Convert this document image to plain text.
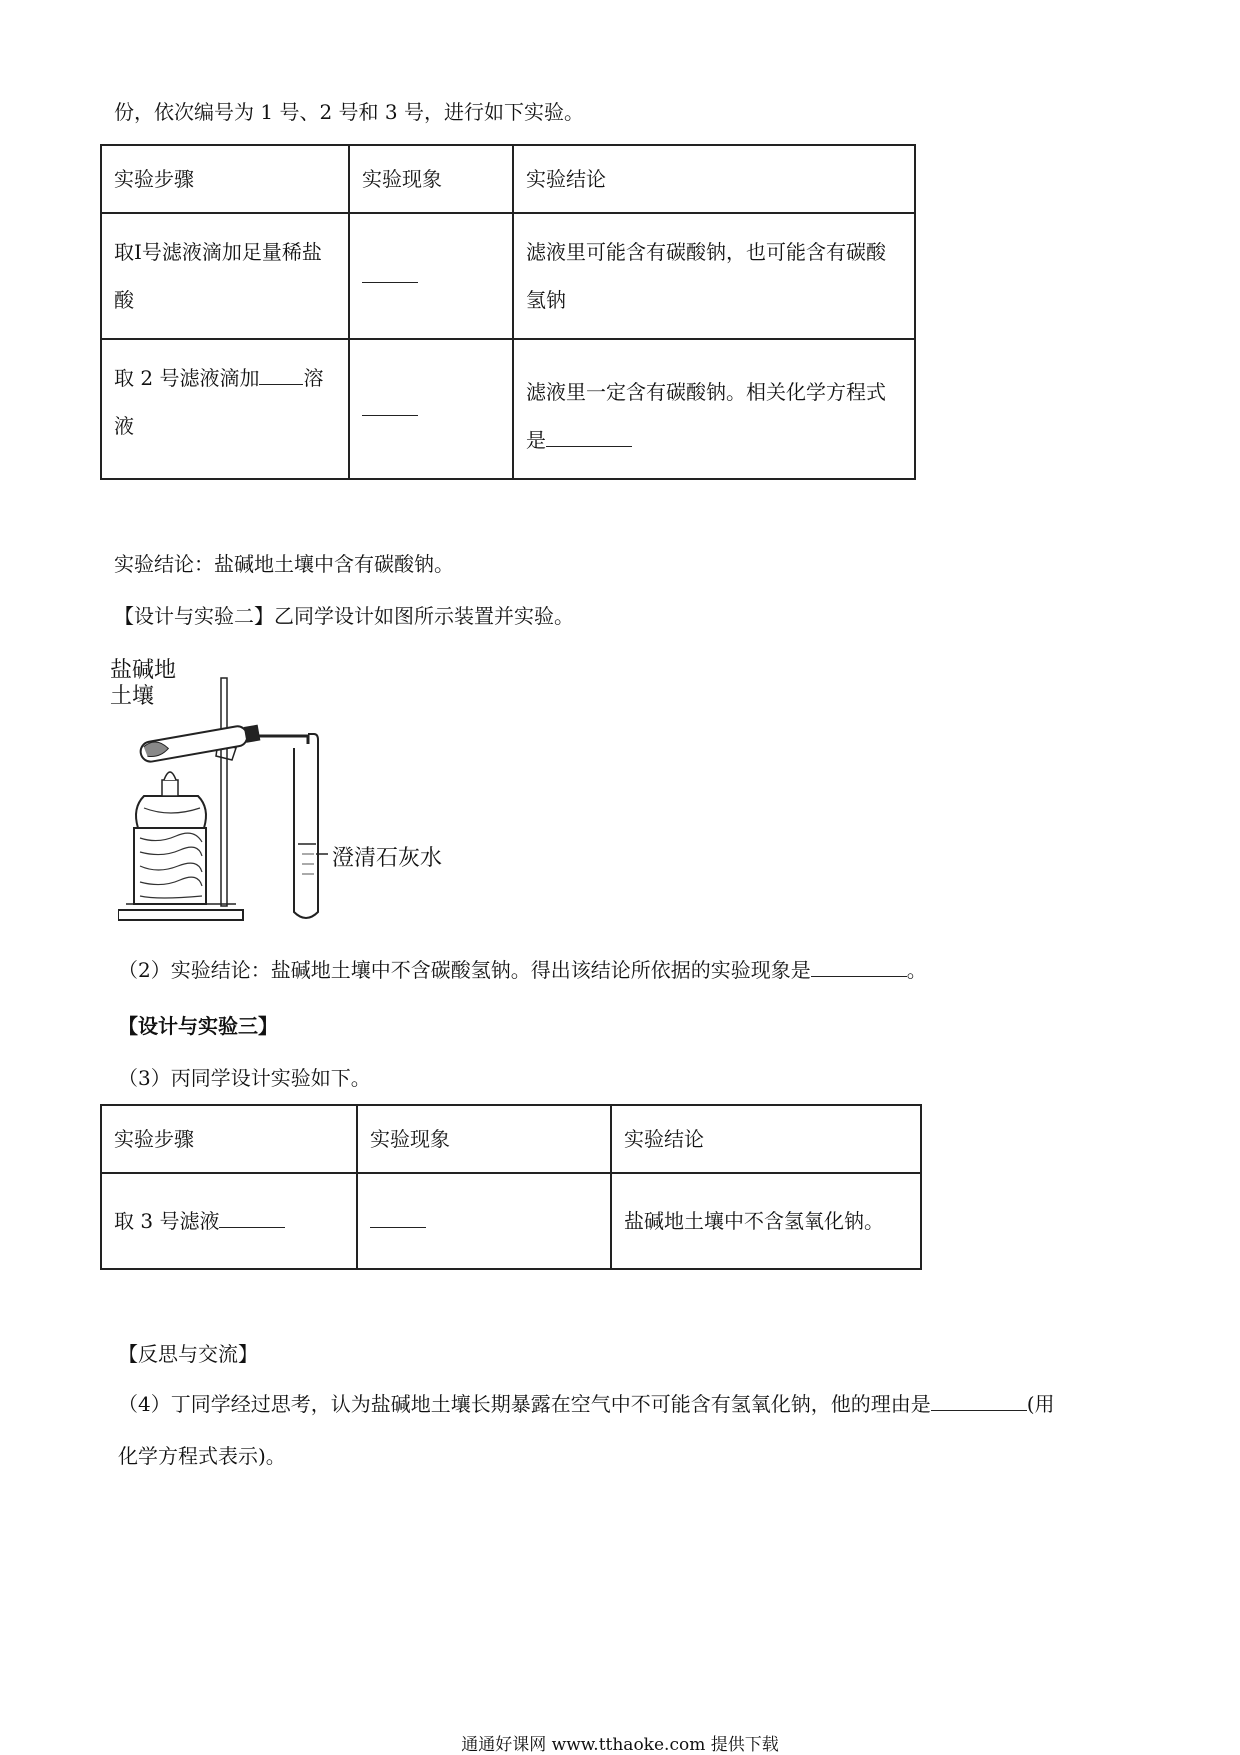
份，依次编号为 1 号、2 号和 3 号，进行如下实验。
实验步骤	实验现象	实验结论
取I号滤液滴加足量稀盐酸		滤液里可能含有碳酸钠，也可能含有碳酸氢钠
取 2 号滤液滴加 溶液		滤液里一定含有碳酸钠。相关化学方程式是
实验结论：盐碱地土壤中含有碳酸钠。
【设计与实验二】乙同学设计如图所示装置并实验。
盐碱地
土壤
澄清石灰水
（2）实验结论：盐碱地土壤中不含碳酸氢钠。得出该结论所依据的实验现象是	。
【设计与实验三】
（3）丙同学设计实验如下。
实验步骤	实验现象	实验结论
取 3 号滤液		盐碱地土壤中不含氢氧化钠。
【反思与交流】
（4）丁同学经过思考，认为盐碱地土壤长期暴露在空气中不可能含有氢氧化钠，他的理由是	(用
化学方程式表示)。
通通好课网 www.tthaoke.com 提供下载
